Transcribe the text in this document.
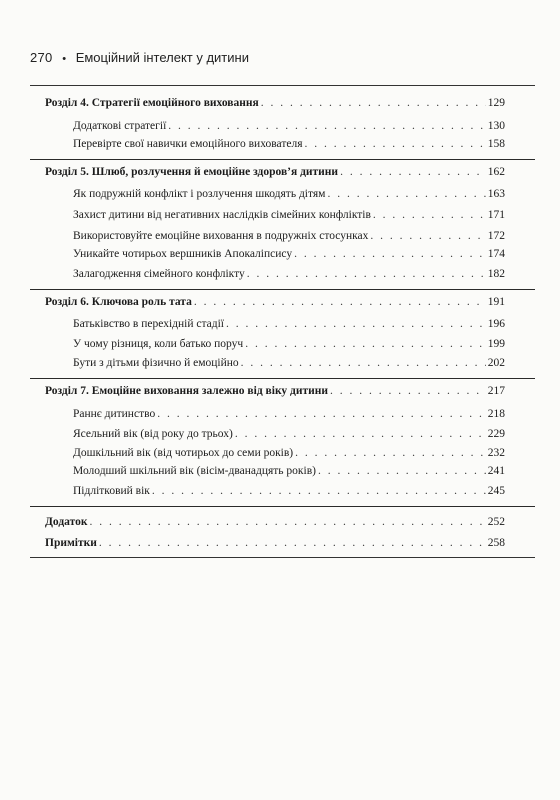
270 • Емоційний інтелект у дитини
Розділ 4. Стратегії емоційного виховання . . .	129
Додаткові стратегії . . .	130
Перевірте свої навички емоційного вихователя . . .	158
Розділ 5. Шлюб, розлучення й емоційне здоров’я дитини . . .	162
Як подружній конфлікт і розлучення шкодять дітям . . .	163
Захист дитини від негативних наслідків сімейних конфліктів . . .	171
Використовуйте емоційне виховання в подружніх стосунках . . .	172
Уникайте чотирьох вершників Апокаліпсису . . .	174
Залагодження сімейного конфлікту . . .	182
Розділ 6. Ключова роль тата . . .	191
Батьківство в перехідній стадії . . .	196
У чому різниця, коли батько поруч . . .	199
Бути з дітьми фізично й емоційно . . .	202
Розділ 7. Емоційне виховання залежно від віку дитини . . .	217
Раннє дитинство . . .	218
Ясельний вік (від року до трьох) . . .	229
Дошкільний вік (від чотирьох до семи років) . . .	232
Молодший шкільний вік (вісім-дванадцять років) . . .	241
Підлітковий вік . . .	245
Додаток . . .	252
Примітки . . .	258
